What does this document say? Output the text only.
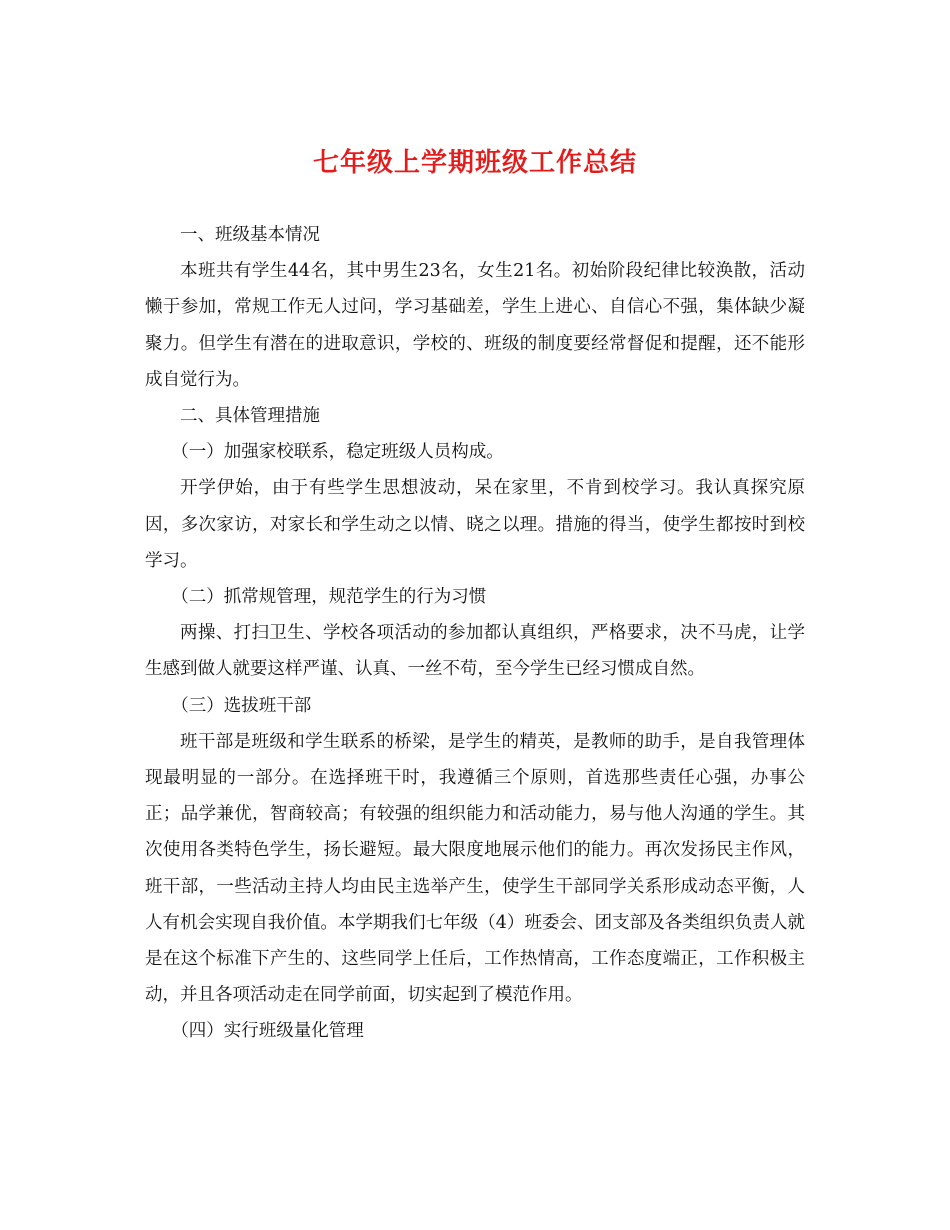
七年级上学期班级工作总结

一、班级基本情况

本班共有学生44名，其中男生23名，女生21名。初始阶段纪律比较涣散，活动懒于参加，常规工作无人过问，学习基础差，学生上进心、自信心不强，集体缺少凝聚力。但学生有潜在的进取意识，学校的、班级的制度要经常督促和提醒，还不能形成自觉行为。

二、具体管理措施

（一）加强家校联系，稳定班级人员构成。

开学伊始，由于有些学生思想波动，呆在家里，不肯到校学习。我认真探究原因，多次家访，对家长和学生动之以情、晓之以理。措施的得当，使学生都按时到校学习。

（二）抓常规管理，规范学生的行为习惯

两操、打扫卫生、学校各项活动的参加都认真组织，严格要求，决不马虎，让学生感到做人就要这样严谨、认真、一丝不苟，至今学生已经习惯成自然。

（三）选拔班干部

班干部是班级和学生联系的桥梁，是学生的精英，是教师的助手，是自我管理体现最明显的一部分。在选择班干时，我遵循三个原则，首选那些责任心强，办事公正；品学兼优，智商较高；有较强的组织能力和活动能力，易与他人沟通的学生。其次使用各类特色学生，扬长避短。最大限度地展示他们的能力。再次发扬民主作风，班干部，一些活动主持人均由民主选举产生，使学生干部同学关系形成动态平衡，人人有机会实现自我价值。本学期我们七年级（4）班委会、团支部及各类组织负责人就是在这个标准下产生的、这些同学上任后，工作热情高，工作态度端正，工作积极主动，并且各项活动走在同学前面，切实起到了模范作用。

（四）实行班级量化管理
